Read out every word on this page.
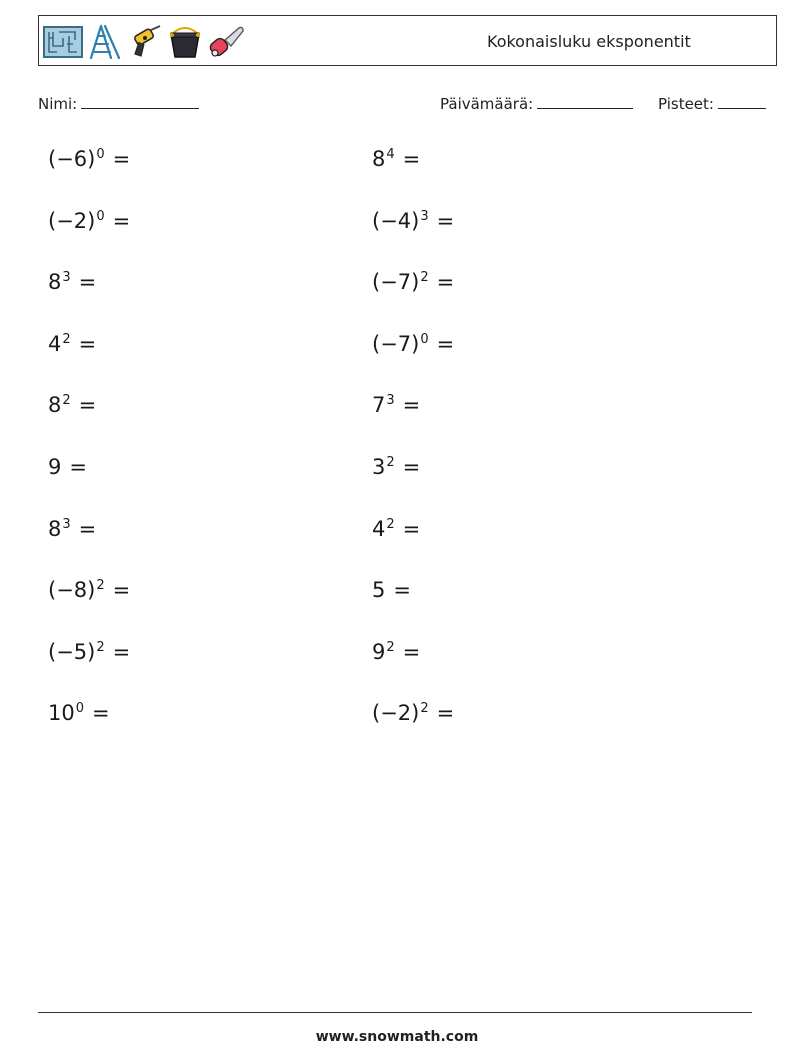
Kokonaisluku eksponentit
Nimi:	Päivämäärä:	Pisteet:
$(-6)^0$ =	$8^4$ =
$(-2)^0$ =	$(-4)^3$ =
$8^3$ =	$(-7)^2$ =
$4^2$ =	$(-7)^0$ =
$8^2$ =	$7^3$ =
9 =	$3^2$ =
$8^3$ =	$4^2$ =
$(-8)^2$ =	5 =
$(-5)^2$ =	$9^2$ =
$10^0$ =	$(-2)^2$ =
www.snowmath.com
